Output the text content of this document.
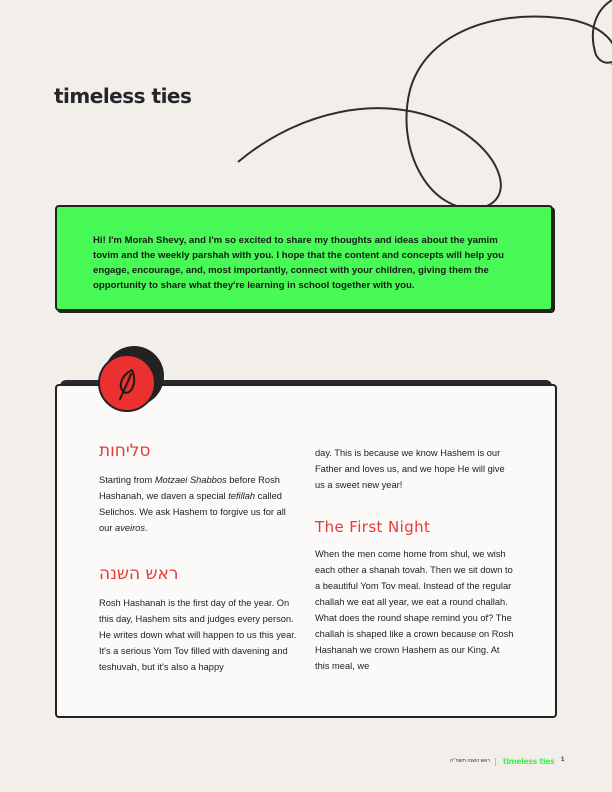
timeless ties

Hi! I'm Morah Shevy, and I'm so excited to share my thoughts and ideas about the yamim tovim and the weekly parshah with you. I hope that the content and concepts will help you engage, encourage, and, most importantly, connect with your children, giving them the opportunity to share what they're learning in school together with you.

סליחות

Starting from Motzaei Shabbos before Rosh Hashanah, we daven a special tefillah called Selichos. We ask Hashem to forgive us for all our aveiros.

ראש השנה

Rosh Hashanah is the first day of the year. On this day, Hashem sits and judges every person. He writes down what will happen to us this year. It's a serious Yom Tov filled with davening and teshuvah, but it's also a happy

day. This is because we know Hashem is our Father and loves us, and we hope He will give us a sweet new year!

The First Night

When the men come home from shul, we wish each other a shanah tovah. Then we sit down to a beautiful Yom Tov meal. Instead of the regular challah we eat all year, we eat a round challah. What does the round shape remind you of? The challah is shaped like a crown because on Rosh Hashanah we crown Hashem as our King. At this meal, we

ראש השנה תשפ״ה timeless ties 1
